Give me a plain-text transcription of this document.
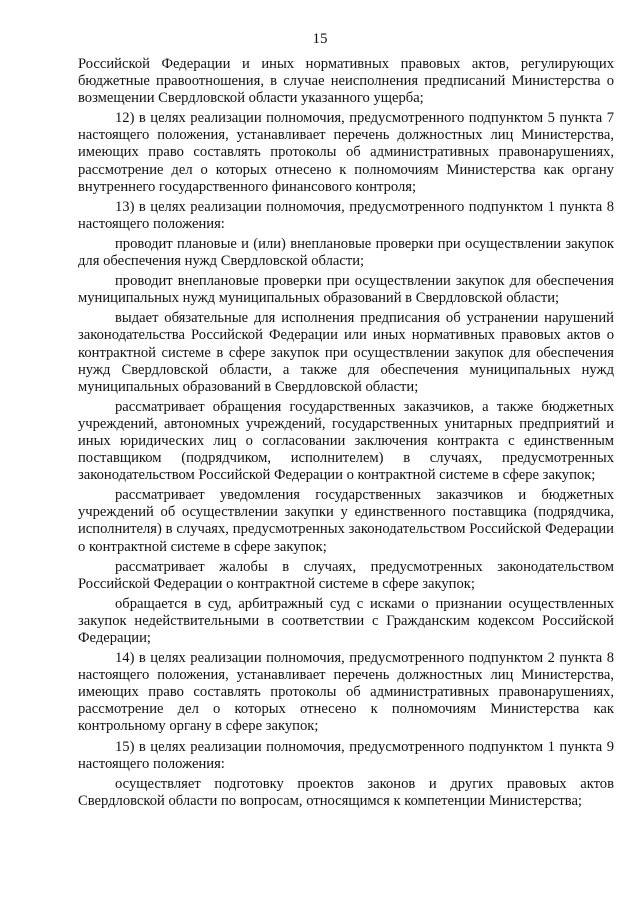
15

Российской Федерации и иных нормативных правовых актов, регулирующих бюджетные правоотношения, в случае неисполнения предписаний Министерства о возмещении Свердловской области указанного ущерба;

12) в целях реализации полномочия, предусмотренного подпунктом 5 пункта 7 настоящего положения, устанавливает перечень должностных лиц Министерства, имеющих право составлять протоколы об административных правонарушениях, рассмотрение дел о которых отнесено к полномочиям Министерства как органу внутреннего государственного финансового контроля;

13) в целях реализации полномочия, предусмотренного подпунктом 1 пункта 8 настоящего положения:

проводит плановые и (или) внеплановые проверки при осуществлении закупок для обеспечения нужд Свердловской области;

проводит внеплановые проверки при осуществлении закупок для обеспечения муниципальных нужд муниципальных образований в Свердловской области;

выдает обязательные для исполнения предписания об устранении нарушений законодательства Российской Федерации или иных нормативных правовых актов о контрактной системе в сфере закупок при осуществлении закупок для обеспечения нужд Свердловской области, а также для обеспечения муниципальных нужд муниципальных образований в Свердловской области;

рассматривает обращения государственных заказчиков, а также бюджетных учреждений, автономных учреждений, государственных унитарных предприятий и иных юридических лиц о согласовании заключения контракта с единственным поставщиком (подрядчиком, исполнителем) в случаях, предусмотренных законодательством Российской Федерации о контрактной системе в сфере закупок;

рассматривает уведомления государственных заказчиков и бюджетных учреждений об осуществлении закупки у единственного поставщика (подрядчика, исполнителя) в случаях, предусмотренных законодательством Российской Федерации о контрактной системе в сфере закупок;

рассматривает жалобы в случаях, предусмотренных законодательством Российской Федерации о контрактной системе в сфере закупок;

обращается в суд, арбитражный суд с исками о признании осуществленных закупок недействительными в соответствии с Гражданским кодексом Российской Федерации;

14) в целях реализации полномочия, предусмотренного подпунктом 2 пункта 8 настоящего положения, устанавливает перечень должностных лиц Министерства, имеющих право составлять протоколы об административных правонарушениях, рассмотрение дел о которых отнесено к полномочиям Министерства как контрольному органу в сфере закупок;

15) в целях реализации полномочия, предусмотренного подпунктом 1 пункта 9 настоящего положения:

осуществляет подготовку проектов законов и других правовых актов Свердловской области по вопросам, относящимся к компетенции Министерства;
